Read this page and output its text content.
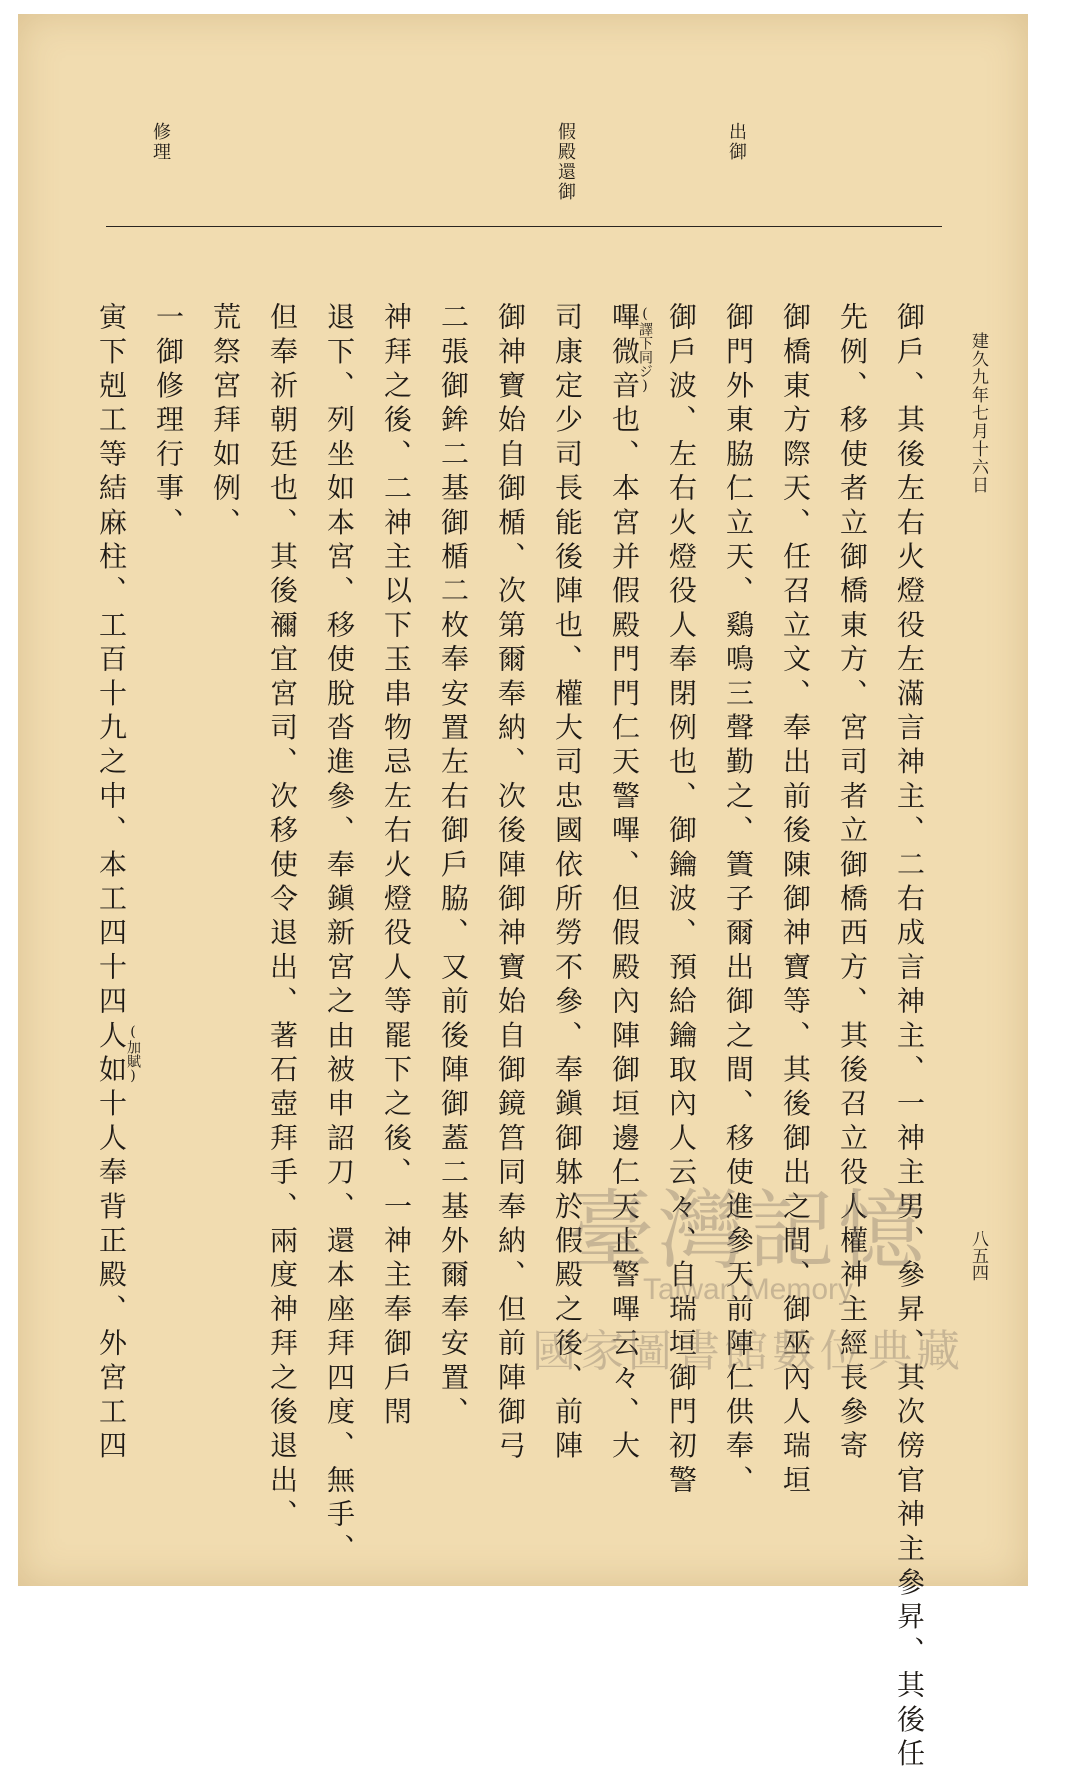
建久九年七月十六日
八五四
出御
假殿還御
修理
御戶、其後左右火燈役左滿言神主、二右成言神主、一神主男、參昇、其次傍官神主參昇、其後任
先例、移使者立御橋東方、宮司者立御橋西方、其後召立役人權神主經長參寄
御橋東方際天、任召立文、奉出前後陳御神寶等、其後御出之間、御巫內人瑞垣
御門外東脇仁立天、鷄鳴三聲勤之、簀子爾出御之間、移使進參天前陣仁供奉、
御戶波、左右火燈役人奉閉例也、御鑰波、預給鑰取內人云々、自瑞垣御門初警
(譯下同ジ)
嗶微音也、本宮并假殿門門仁天警嗶、但假殿內陣御垣邊仁天止警嗶云々、大
司康定少司長能後陣也、權大司忠國依所勞不參、奉鎭御躰於假殿之後、前陣
御神寶始自御楯、次第爾奉納、次後陣御神寶始自御鏡筥同奉納、但前陣御弓
二張御鉾二基御楯二枚奉安置左右御戶脇、又前後陣御蓋二基外爾奉安置、
神拜之後、二神主以下玉串物忌左右火燈役人等罷下之後、一神主奉御戶閇
退下、列坐如本宮、移使脫沓進參、奉鎭新宮之由被申詔刀、還本座拜四度、無手、
但奉祈朝廷也、其後禰宜宮司、次移使令退出、著石壺拜手、兩度神拜之後退出、
荒祭宮拜如例、
一御修理行事、
(加賦)
寅下剋工等結麻柱、工百十九之中、本工四十四人如十人奉背正殿、外宮工四	臺灣記憶
Taiwan Memory
國家圖書館數位典藏
